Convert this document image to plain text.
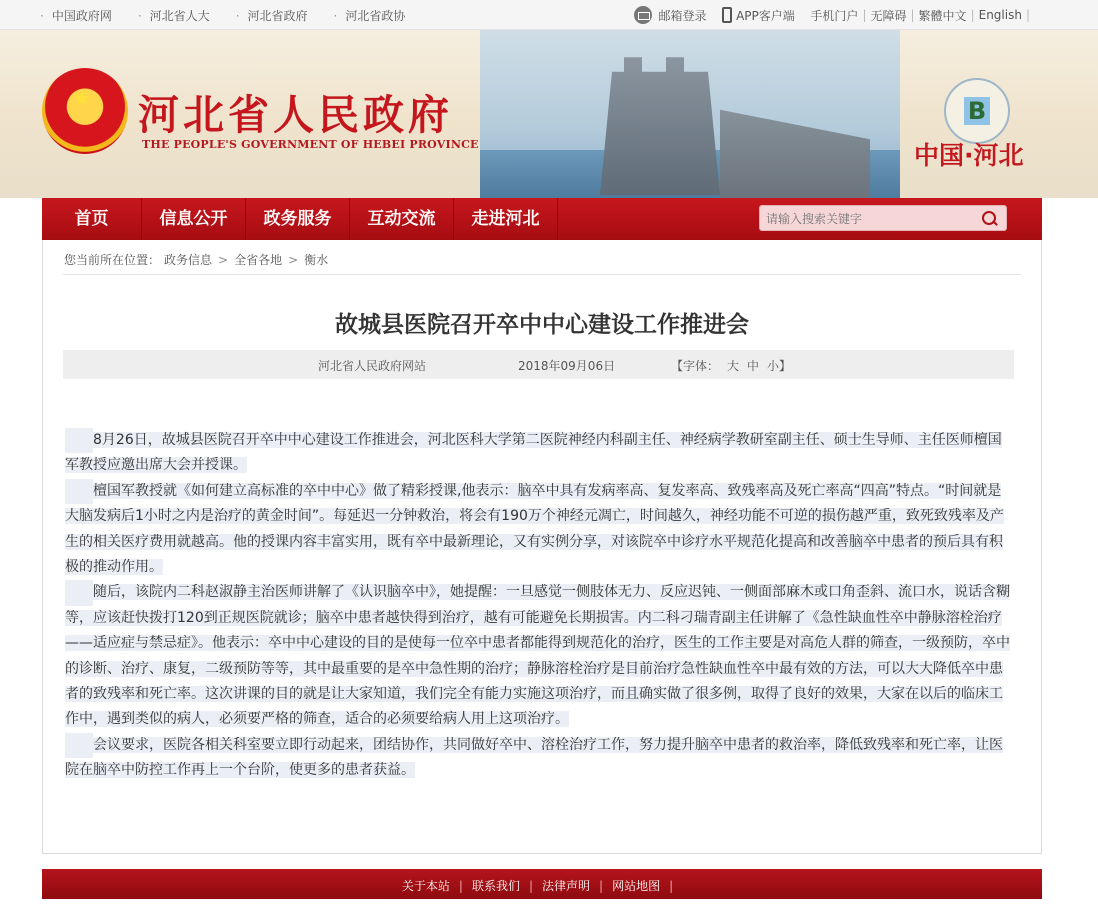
· 中国政府网 · 河北省人大 · 河北省政府 · 河北省政协	邮箱登录
APP客户端
手机门户 | 无障碍 | 繁體中文 | English |
★
河北省人民政府
THE PEOPLE'S GOVERNMENT OF HEBEI PROVINCE
B
中国·河北
首页	信息公开	政务服务	互动交流	走进河北
请输入搜索关键字
您当前所在位置： 政务信息 > 全省各地 > 衡水
故城县医院召开卒中中心建设工作推进会
河北省人民政府网站	2018年09月06日	【字体： 大 中 小】

8月26日，故城县医院召开卒中中心建设工作推进会，河北医科大学第二医院神经内科副主任、神经病学教研室副主任、硕士生导师、主任医师檀国军教授应邀出席大会并授课。

檀国军教授就《如何建立高标准的卒中中心》做了精彩授课,他表示：脑卒中具有发病率高、复发率高、致残率高及死亡率高“四高”特点。“时间就是大脑发病后1小时之内是治疗的黄金时间”。每延迟一分钟救治，将会有190万个神经元凋亡，时间越久，神经功能不可逆的损伤越严重，致死致残率及产生的相关医疗费用就越高。他的授课内容丰富实用，既有卒中最新理论，又有实例分享，对该院卒中诊疗水平规范化提高和改善脑卒中患者的预后具有积极的推动作用。

随后，该院内二科赵淑静主治医师讲解了《认识脑卒中》，她提醒：一旦感觉一侧肢体无力、反应迟钝、一侧面部麻木或口角歪斜、流口水，说话含糊等，应该赶快拨打120到正规医院就诊；脑卒中患者越快得到治疗，越有可能避免长期损害。内二科刁瑞青副主任讲解了《急性缺血性卒中静脉溶栓治疗——适应症与禁忌症》。他表示：卒中中心建设的目的是使每一位卒中患者都能得到规范化的治疗，医生的工作主要是对高危人群的筛查，一级预防，卒中的诊断、治疗、康复，二级预防等等，其中最重要的是卒中急性期的治疗；静脉溶栓治疗是目前治疗急性缺血性卒中最有效的方法，可以大大降低卒中患者的致残率和死亡率。这次讲课的目的就是让大家知道，我们完全有能力实施这项治疗，而且确实做了很多例，取得了良好的效果，大家在以后的临床工作中，遇到类似的病人，必须要严格的筛查，适合的必须要给病人用上这项治疗。

会议要求，医院各相关科室要立即行动起来，团结协作，共同做好卒中、溶栓治疗工作，努力提升脑卒中患者的救治率，降低致残率和死亡率，让医院在脑卒中防控工作再上一个台阶，使更多的患者获益。

关于本站 | 联系我们 | 法律声明 | 网站地图 |
